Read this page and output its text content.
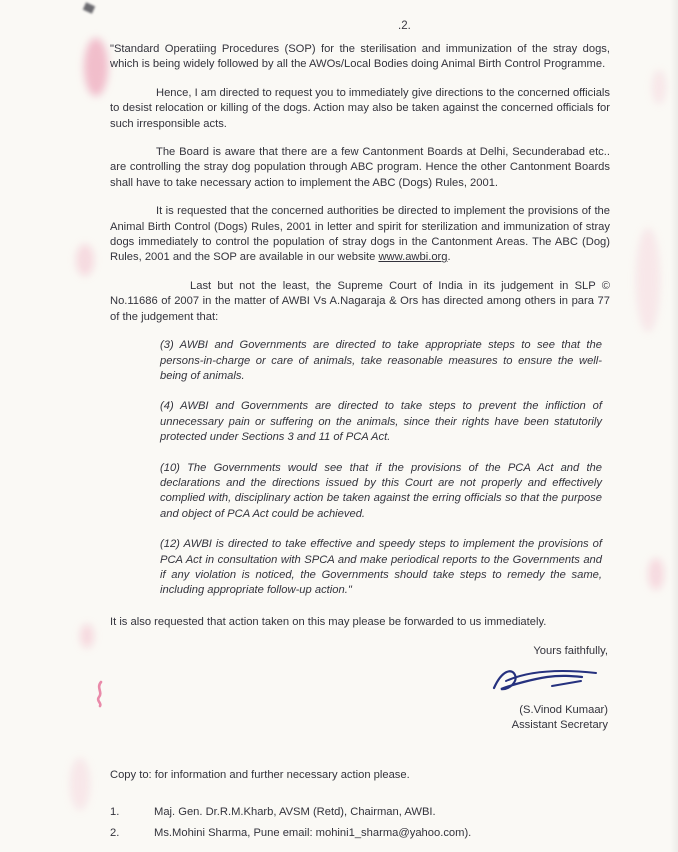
.2.
"Standard Operatiing Procedures (SOP) for the sterilisation and immunization of the stray dogs, which is being widely followed by all the AWOs/Local Bodies doing Animal Birth Control Programme.
Hence, I am directed to request you to immediately give directions to the concerned officials to desist relocation or killing of the dogs. Action may also be taken against the concerned officials for such irresponsible acts.
The Board is aware that there are a few Cantonment Boards at Delhi, Secunderabad etc.. are controlling the stray dog population through ABC program. Hence the other Cantonment Boards shall have to take necessary action to implement the ABC (Dogs) Rules, 2001.
It is requested that the concerned authorities be directed to implement the provisions of the Animal Birth Control (Dogs) Rules, 2001 in letter and spirit for sterilization and immunization of stray dogs immediately to control the population of stray dogs in the Cantonment Areas. The ABC (Dog) Rules, 2001 and the SOP are available in our website www.awbi.org.
Last but not the least, the Supreme Court of India in its judgement in SLP © No.11686 of 2007 in the matter of AWBI Vs A.Nagaraja & Ors has directed among others in para 77 of the judgement that:
(3) AWBI and Governments are directed to take appropriate steps to see that the persons-in-charge or care of animals, take reasonable measures to ensure the well-being of animals.
(4) AWBI and Governments are directed to take steps to prevent the infliction of unnecessary pain or suffering on the animals, since their rights have been statutorily protected under Sections 3 and 11 of PCA Act.
(10) The Governments would see that if the provisions of the PCA Act and the declarations and the directions issued by this Court are not properly and effectively complied with, disciplinary action be taken against the erring officials so that the purpose and object of PCA Act could be achieved.
(12) AWBI is directed to take effective and speedy steps to implement the provisions of PCA Act in consultation with SPCA and make periodical reports to the Governments and if any violation is noticed, the Governments should take steps to remedy the same, including appropriate follow-up action."
It is also requested that action taken on this may please be forwarded to us immediately.
Yours faithfully,
(S.Vinod Kumaar)
Assistant Secretary
Copy to: for information and further necessary action please.
1.	Maj. Gen. Dr.R.M.Kharb, AVSM (Retd), Chairman, AWBI.
2.	Ms.Mohini Sharma, Pune email: mohini1_sharma@yahoo.com).
